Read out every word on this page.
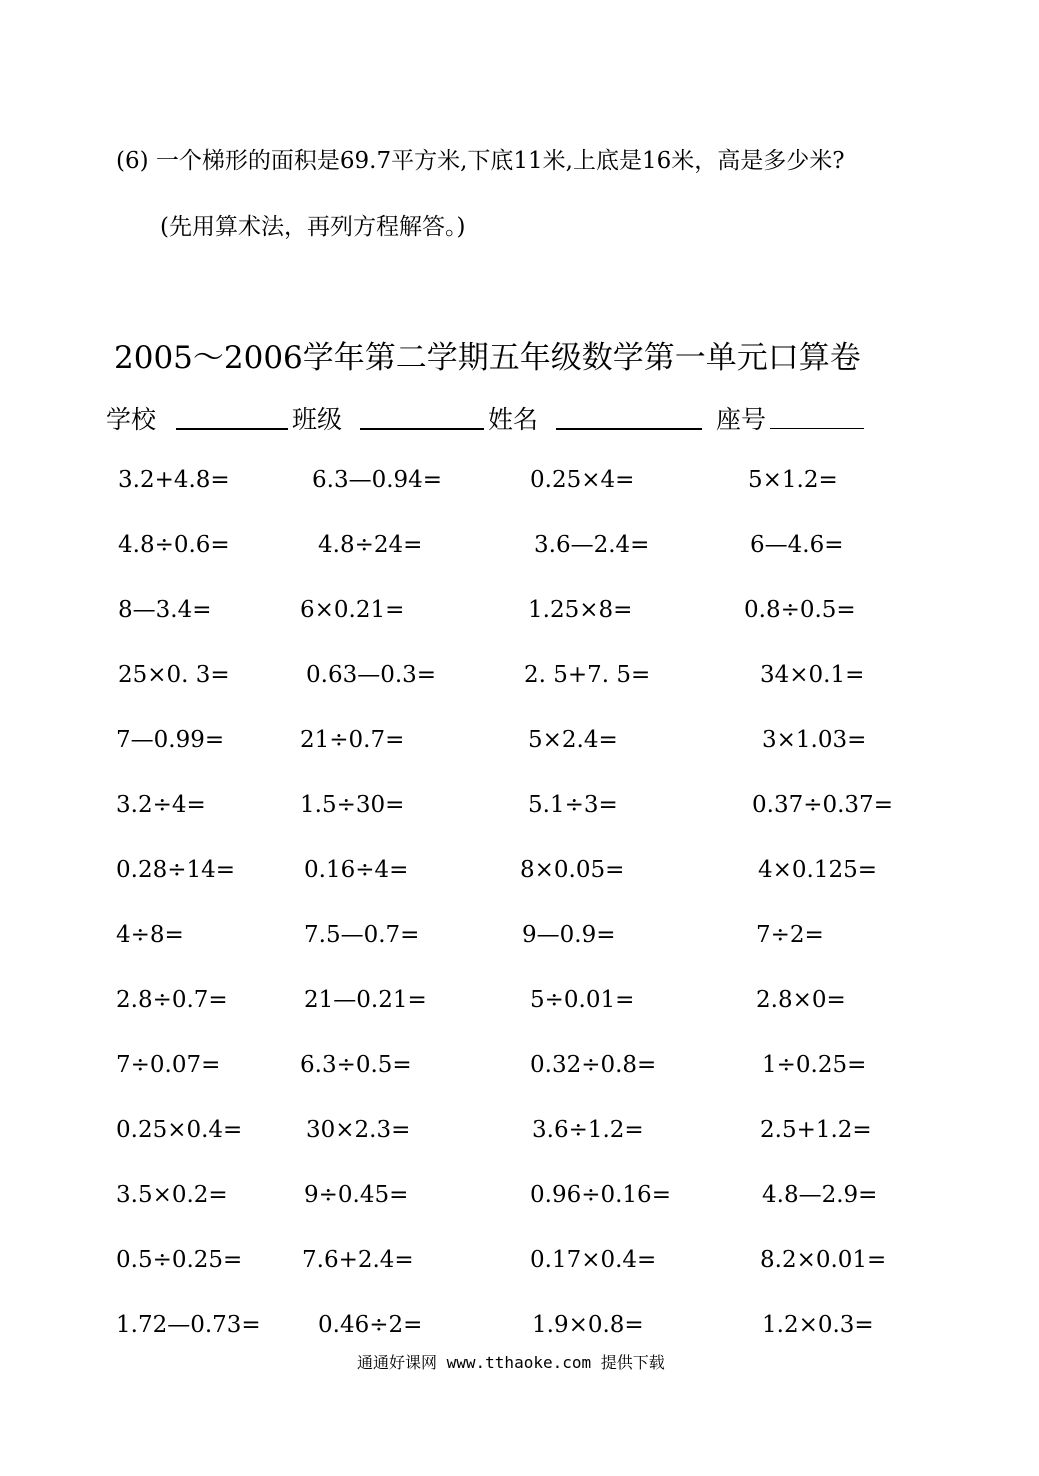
(6) 一个梯形的面积是69.7平方米,下底11米,上底是16米，高是多少米?
(先用算术法，再列方程解答。)
2005～2006学年第二学期五年级数学第一单元口算卷
学校	班级	姓名	座号
3.2+4.8=	6.3—0.94=	0.25×4=	5×1.2=
4.8÷0.6=	4.8÷24=	3.6—2.4=	6—4.6=
8—3.4=	6×0.21=	1.25×8=	0.8÷0.5=
25×0. 3=	0.63—0.3=	2. 5+7. 5=	34×0.1=
7—0.99=	21÷0.7=	5×2.4=	3×1.03=
3.2÷4=	1.5÷30=	5.1÷3=	0.37÷0.37=
0.28÷14=	0.16÷4=	8×0.05=	4×0.125=
4÷8=	7.5—0.7=	9—0.9=	7÷2=
2.8÷0.7=	21—0.21=	5÷0.01=	2.8×0=
7÷0.07=	6.3÷0.5=	0.32÷0.8=	1÷0.25=
0.25×0.4=	30×2.3=	3.6÷1.2=	2.5+1.2=
3.5×0.2=	9÷0.45=	0.96÷0.16=	4.8—2.9=
0.5÷0.25=	7.6+2.4=	0.17×0.4=	8.2×0.01=
1.72—0.73= 0.46÷2=	1.9×0.8=	1.2×0.3=
通通好课网 www.tthaoke.com 提供下载
